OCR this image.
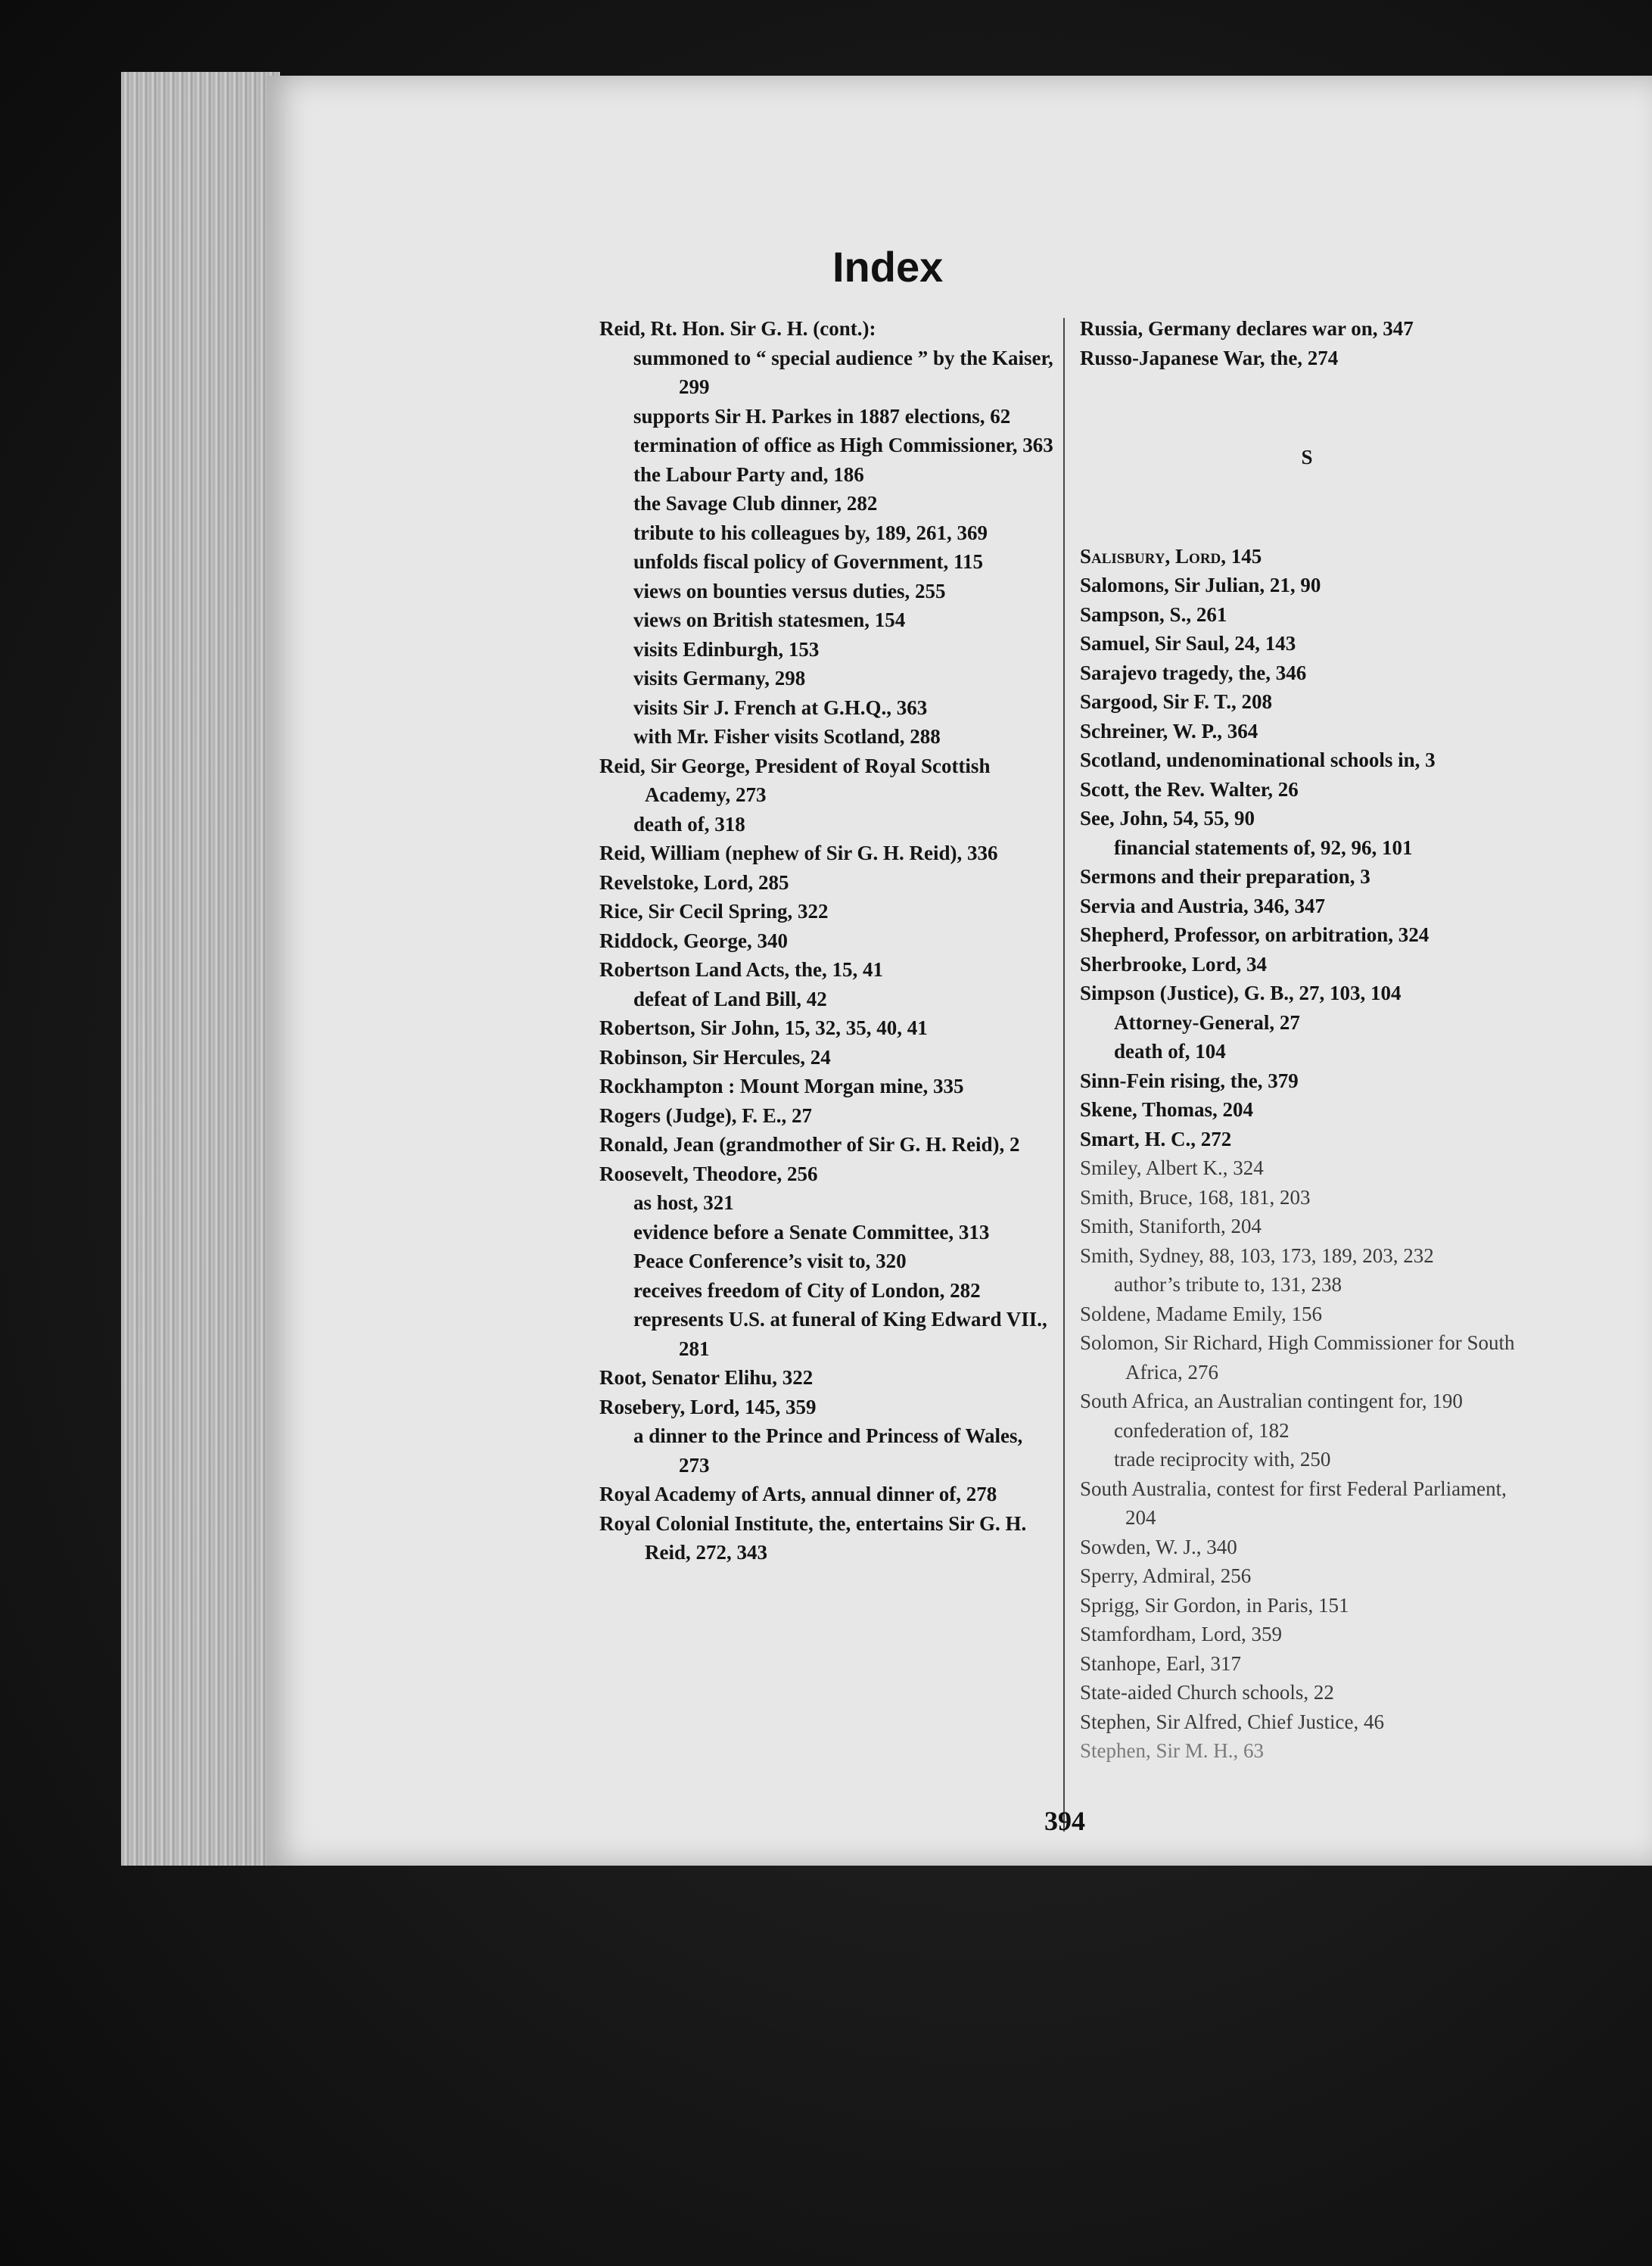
Index

Reid, Rt. Hon. Sir G. H. (cont.):

summoned to “ special audience ” by the Kaiser, 299

supports Sir H. Parkes in 1887 elections, 62

termination of office as High Commissioner, 363

the Labour Party and, 186

the Savage Club dinner, 282

tribute to his colleagues by, 189, 261, 369

unfolds fiscal policy of Government, 115

views on bounties versus duties, 255

views on British statesmen, 154

visits Edinburgh, 153

visits Germany, 298

visits Sir J. French at G.H.Q., 363

with Mr. Fisher visits Scotland, 288

Reid, Sir George, President of Royal Scottish Academy, 273

death of, 318

Reid, William (nephew of Sir G. H. Reid), 336

Revelstoke, Lord, 285

Rice, Sir Cecil Spring, 322

Riddock, George, 340

Robertson Land Acts, the, 15, 41

defeat of Land Bill, 42

Robertson, Sir John, 15, 32, 35, 40, 41

Robinson, Sir Hercules, 24

Rockhampton : Mount Morgan mine, 335

Rogers (Judge), F. E., 27

Ronald, Jean (grandmother of Sir G. H. Reid), 2

Roosevelt, Theodore, 256

as host, 321

evidence before a Senate Committee, 313

Peace Conference’s visit to, 320

receives freedom of City of London, 282

represents U.S. at funeral of King Edward VII., 281

Root, Senator Elihu, 322

Rosebery, Lord, 145, 359

a dinner to the Prince and Princess of Wales, 273

Royal Academy of Arts, annual dinner of, 278

Royal Colonial Institute, the, entertains Sir G. H. Reid, 272, 343

Russia, Germany declares war on, 347

Russo-Japanese War, the, 274

S

Salisbury, Lord, 145

Salomons, Sir Julian, 21, 90

Sampson, S., 261

Samuel, Sir Saul, 24, 143

Sarajevo tragedy, the, 346

Sargood, Sir F. T., 208

Schreiner, W. P., 364

Scotland, undenominational schools in, 3

Scott, the Rev. Walter, 26

See, John, 54, 55, 90

financial statements of, 92, 96, 101

Sermons and their preparation, 3

Servia and Austria, 346, 347

Shepherd, Professor, on arbitration, 324

Sherbrooke, Lord, 34

Simpson (Justice), G. B., 27, 103, 104

Attorney-General, 27

death of, 104

Sinn-Fein rising, the, 379

Skene, Thomas, 204

Smart, H. C., 272

Smiley, Albert K., 324

Smith, Bruce, 168, 181, 203

Smith, Staniforth, 204

Smith, Sydney, 88, 103, 173, 189, 203, 232

author’s tribute to, 131, 238

Soldene, Madame Emily, 156

Solomon, Sir Richard, High Commissioner for South Africa, 276

South Africa, an Australian contingent for, 190

confederation of, 182

trade reciprocity with, 250

South Australia, contest for first Federal Parliament, 204

Sowden, W. J., 340

Sperry, Admiral, 256

Sprigg, Sir Gordon, in Paris, 151

Stamfordham, Lord, 359

Stanhope, Earl, 317

State-aided Church schools, 22

Stephen, Sir Alfred, Chief Justice, 46

Stephen, Sir M. H., 63

394
